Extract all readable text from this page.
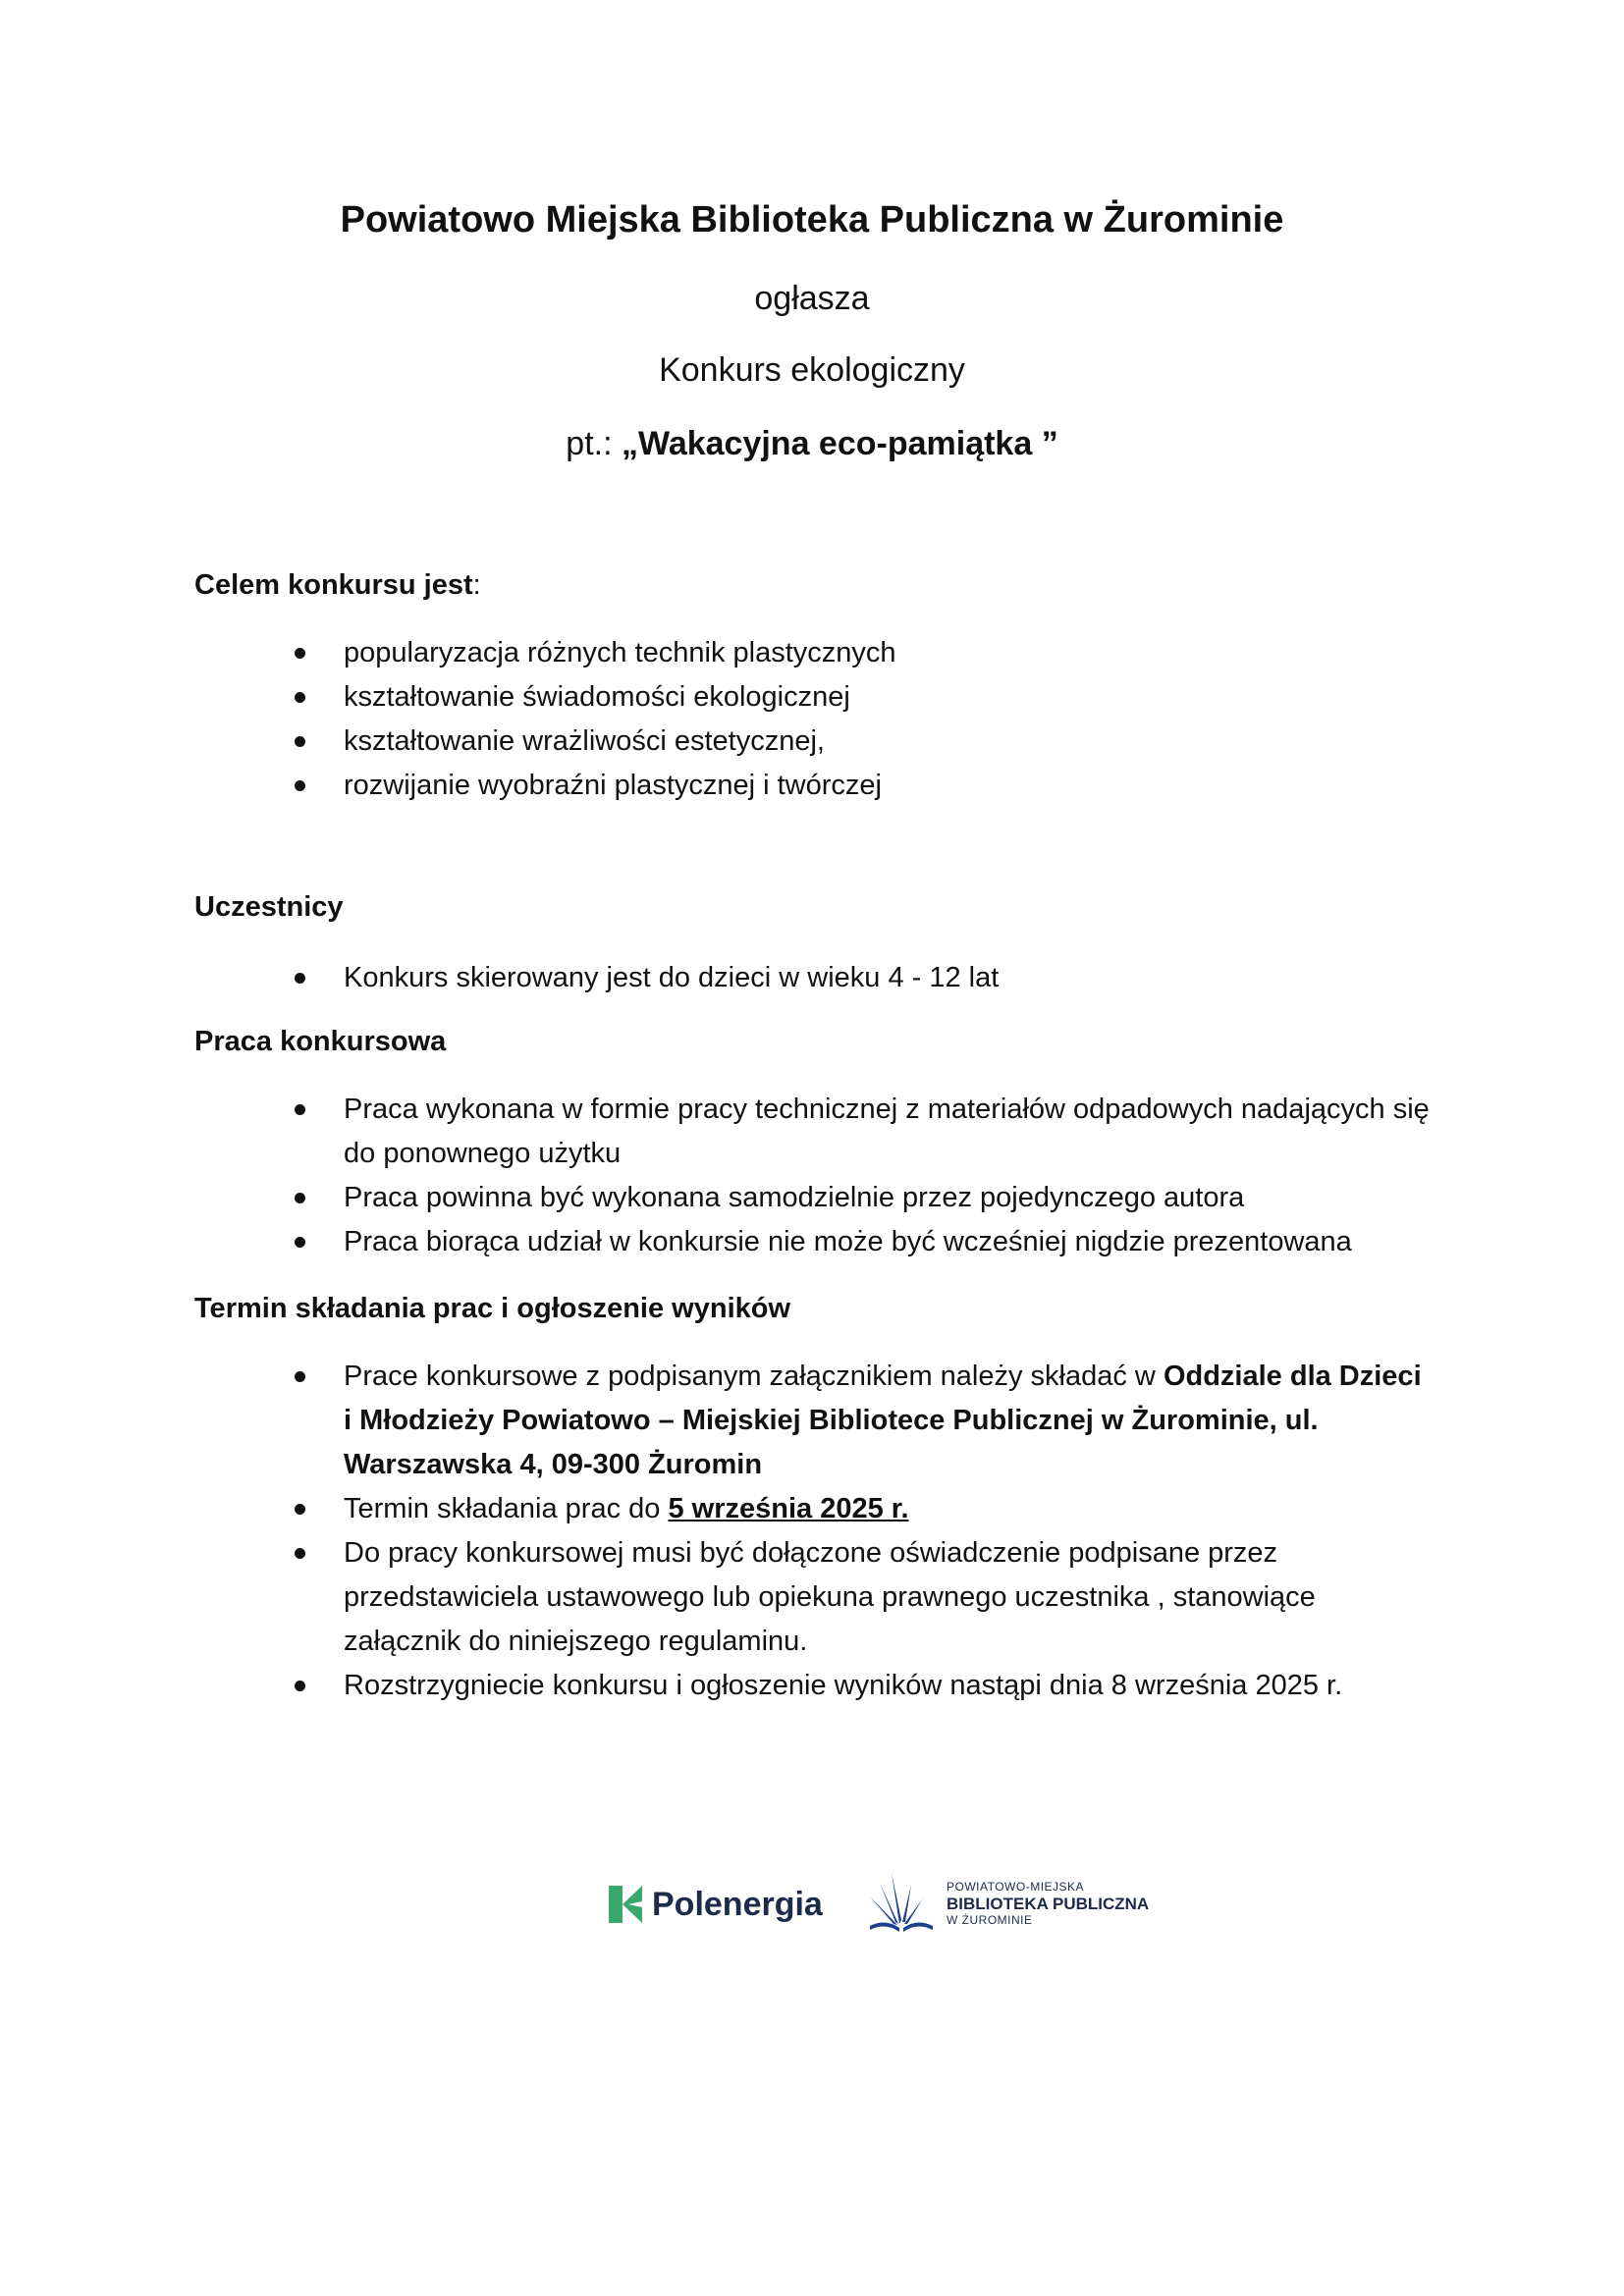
Powiatowo Miejska Biblioteka Publiczna w Żurominie

ogłasza

Konkurs ekologiczny

pt.: „Wakacyjna eco-pamiątka ”

Celem konkursu jest:

popularyzacja różnych technik plastycznych
kształtowanie świadomości ekologicznej
kształtowanie wrażliwości estetycznej,
rozwijanie wyobraźni plastycznej i twórczej

Uczestnicy

Konkurs skierowany jest do dzieci w wieku 4 - 12 lat

Praca konkursowa

Praca wykonana w formie pracy technicznej z materiałów odpadowych nadających się do ponownego użytku
Praca powinna być wykonana samodzielnie przez pojedynczego autora
Praca biorąca udział w konkursie nie może być wcześniej nigdzie prezentowana

Termin składania prac i ogłoszenie wyników

Prace konkursowe z podpisanym załącznikiem należy składać w Oddziale dla Dzieci i Młodzieży Powiatowo – Miejskiej Bibliotece Publicznej w Żurominie, ul. Warszawska 4, 09-300 Żuromin
Termin składania prac do 5 września 2025 r.
Do pracy konkursowej musi być dołączone oświadczenie podpisane przez przedstawiciela ustawowego lub opiekuna prawnego uczestnika , stanowiące załącznik do niniejszego regulaminu.
Rozstrzygniecie konkursu i ogłoszenie wyników nastąpi dnia 8 września 2025 r.
Polenergia	POWIATOWO-MIEJSKA
BIBLIOTEKA PUBLICZNA
W ŻUROMINIE
